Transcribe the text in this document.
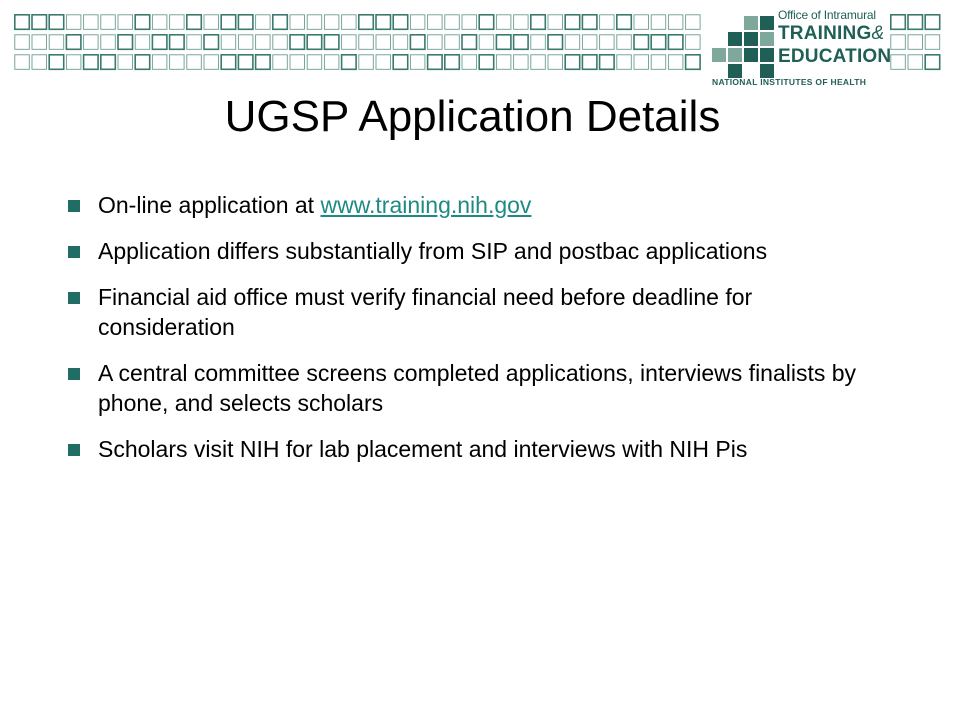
Office of Intramural
TRAINING&
EDUCATION
NATIONAL INSTITUTES OF HEALTH
UGSP Application Details
On-line application at www.training.nih.gov
Application differs substantially from SIP and postbac applications
Financial aid office must verify financial need before deadline for consideration
A central committee screens completed applications, interviews finalists by phone, and selects scholars
Scholars visit NIH for lab placement and interviews with NIH Pis
